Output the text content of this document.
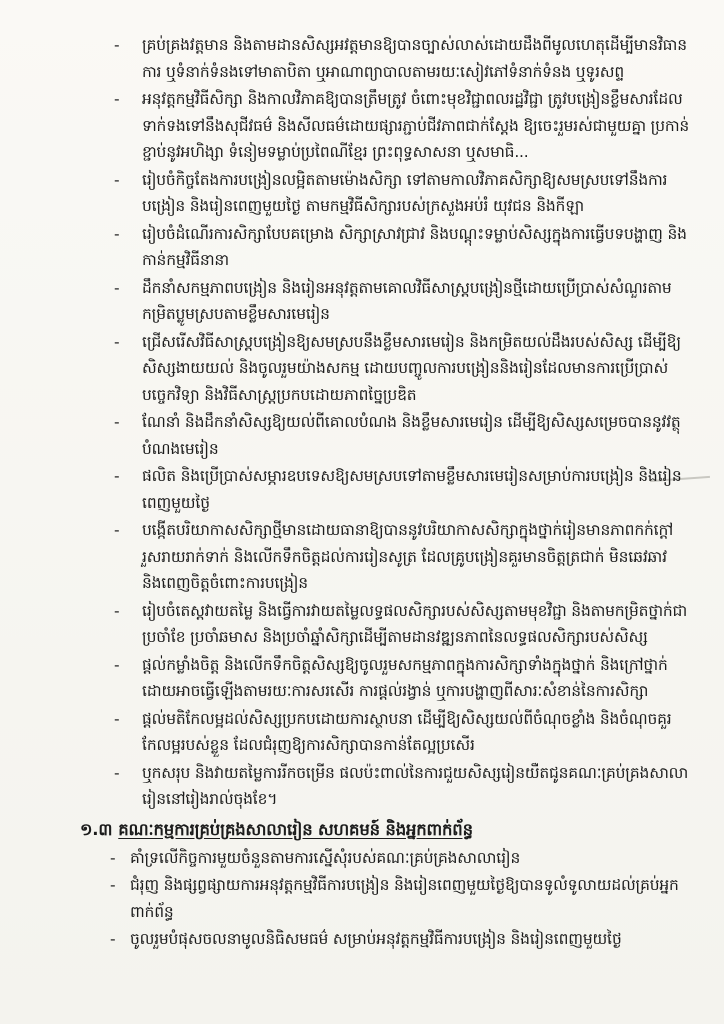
- គ្រប់គ្រងវត្តមាន និងតាមដានសិស្សអវត្តមានឱ្យបានច្បាស់លាស់ដោយដឹងពីមូលហេតុដើម្បីមានវិធានការ ឬទំនាក់ទំនងទៅមាតាបិតា ឬអាណាព្យាបាលតាមរយៈសៀវភៅទំនាក់ទំនង ឬទូរសព្ទ
- អនុវត្តកម្មវិធីសិក្សា និងកាលវិភាគឱ្យបានត្រឹមត្រូវ ចំពោះមុខវិជ្ជាពលរដ្ឋវិជ្ជា ត្រូវបង្រៀនខ្លឹមសារដែលទាក់ទងទៅនឹងសុជីវធម៌ និងសីលធម៌ដោយផ្សារភ្ជាប់ជីវភាពជាក់ស្តែង ឱ្យចេះរួមរស់ជាមួយគ្នា ប្រកាន់ខ្ជាប់នូវអហិង្សា ទំនៀមទម្លាប់ប្រពៃណីខ្មែរ ព្រះពុទ្ធសាសនា ឬសមាធិ...
- រៀបចំកិច្ចតែងការបង្រៀនលម្អិតតាមម៉ោងសិក្សា ទៅតាមកាលវិភាគសិក្សាឱ្យសមស្របទៅនឹងការបង្រៀន និងរៀនពេញមួយថ្ងៃ តាមកម្មវិធីសិក្សារបស់ក្រសួងអប់រំ យុវជន និងកីឡា
- រៀបចំដំណើរការសិក្សាបែបគម្រោង សិក្សាស្រាវជ្រាវ និងបណ្តុះទម្លាប់សិស្សក្នុងការធ្វើបទបង្ហាញ និងកាន់កម្មវិធីនានា
- ដឹកនាំសកម្មភាពបង្រៀន និងរៀនអនុវត្តតាមគោលវិធីសាស្ត្របង្រៀនថ្មីដោយប្រើប្រាស់សំណួរតាមកម្រិតប្លូមស្របតាមខ្លឹមសារមេរៀន
- ជ្រើសរើសវិធីសាស្ត្របង្រៀនឱ្យសមស្របនឹងខ្លឹមសារមេរៀន និងកម្រិតយល់ដឹងរបស់សិស្ស ដើម្បីឱ្យសិស្សងាយយល់ និងចូលរួមយ៉ាងសកម្ម ដោយបញ្ចូលការបង្រៀននិងរៀនដែលមានការប្រើប្រាស់បច្ចេកវិទ្យា និងវិធីសាស្ត្រប្រកបដោយភាពច្នៃប្រឌិត
- ណែនាំ និងដឹកនាំសិស្សឱ្យយល់ពីគោលបំណង និងខ្លឹមសារមេរៀន ដើម្បីឱ្យសិស្សសម្រេចបាននូវវត្ថុបំណងមេរៀន
- ផលិត និងប្រើប្រាស់សម្ភារឧបទេសឱ្យសមស្របទៅតាមខ្លឹមសារមេរៀនសម្រាប់ការបង្រៀន និងរៀនពេញមួយថ្ងៃ
- បង្កើតបរិយាកាសសិក្សាថ្មីមានដោយធានាឱ្យបាននូវបរិយាកាសសិក្សាក្នុងថ្នាក់រៀនមានភាពកក់ក្តៅរួសរាយរាក់ទាក់ និងលើកទឹកចិត្តដល់ការរៀនសូត្រ ដែលគ្រូបង្រៀនគួរមានចិត្តត្រជាក់ មិនឆេវឆាវ និងពេញចិត្តចំពោះការបង្រៀន
- រៀបចំតេស្តវាយតម្លៃ និងធ្វើការវាយតម្លៃលទ្ធផលសិក្សារបស់សិស្សតាមមុខវិជ្ជា និងតាមកម្រិតថ្នាក់ជាប្រចាំខែ ប្រចាំឆមាស និងប្រចាំឆ្នាំសិក្សាដើម្បីតាមដានវឌ្ឍនភាពនៃលទ្ធផលសិក្សារបស់សិស្ស
- ផ្តល់កម្លាំងចិត្ត និងលើកទឹកចិត្តសិស្សឱ្យចូលរួមសកម្មភាពក្នុងការសិក្សាទាំងក្នុងថ្នាក់ និងក្រៅថ្នាក់ដោយអាចធ្វើឡើងតាមរយៈការសរសើរ ការផ្តល់រង្វាន់ ឬការបង្ហាញពីសារៈសំខាន់នៃការសិក្សា
- ផ្តល់មតិកែលម្អដល់សិស្សប្រកបដោយការស្ថាបនា ដើម្បីឱ្យសិស្សយល់ពីចំណុចខ្លាំង និងចំណុចគួរកែលម្អរបស់ខ្លួន ដែលជំរុញឱ្យការសិក្សាបានកាន់តែល្អប្រសើរ
- ឬកសរុប និងវាយតម្លៃការរីកចម្រើន ផលប៉ះពាល់នៃការជួយសិស្សរៀនយឺតជូនគណៈគ្រប់គ្រងសាលារៀននៅរៀងរាល់ចុងខែ។
១.៣ គណៈកម្មការគ្រប់គ្រងសាលារៀន សហគមន៍ និងអ្នកពាក់ព័ន្ធ
- គាំទ្រលើកិច្ចការមួយចំនួនតាមការស្នើសុំរបស់គណៈគ្រប់គ្រងសាលារៀន
- ជំរុញ និងផ្សព្វផ្សាយការអនុវត្តកម្មវិធីការបង្រៀន និងរៀនពេញមួយថ្ងៃឱ្យបានទូលំទូលាយដល់គ្រប់អ្នកពាក់ព័ន្ធ
- ចូលរួមបំផុសចលនាមូលនិធិសមធម៌ សម្រាប់អនុវត្តកម្មវិធីការបង្រៀន និងរៀនពេញមួយថ្ងៃ
